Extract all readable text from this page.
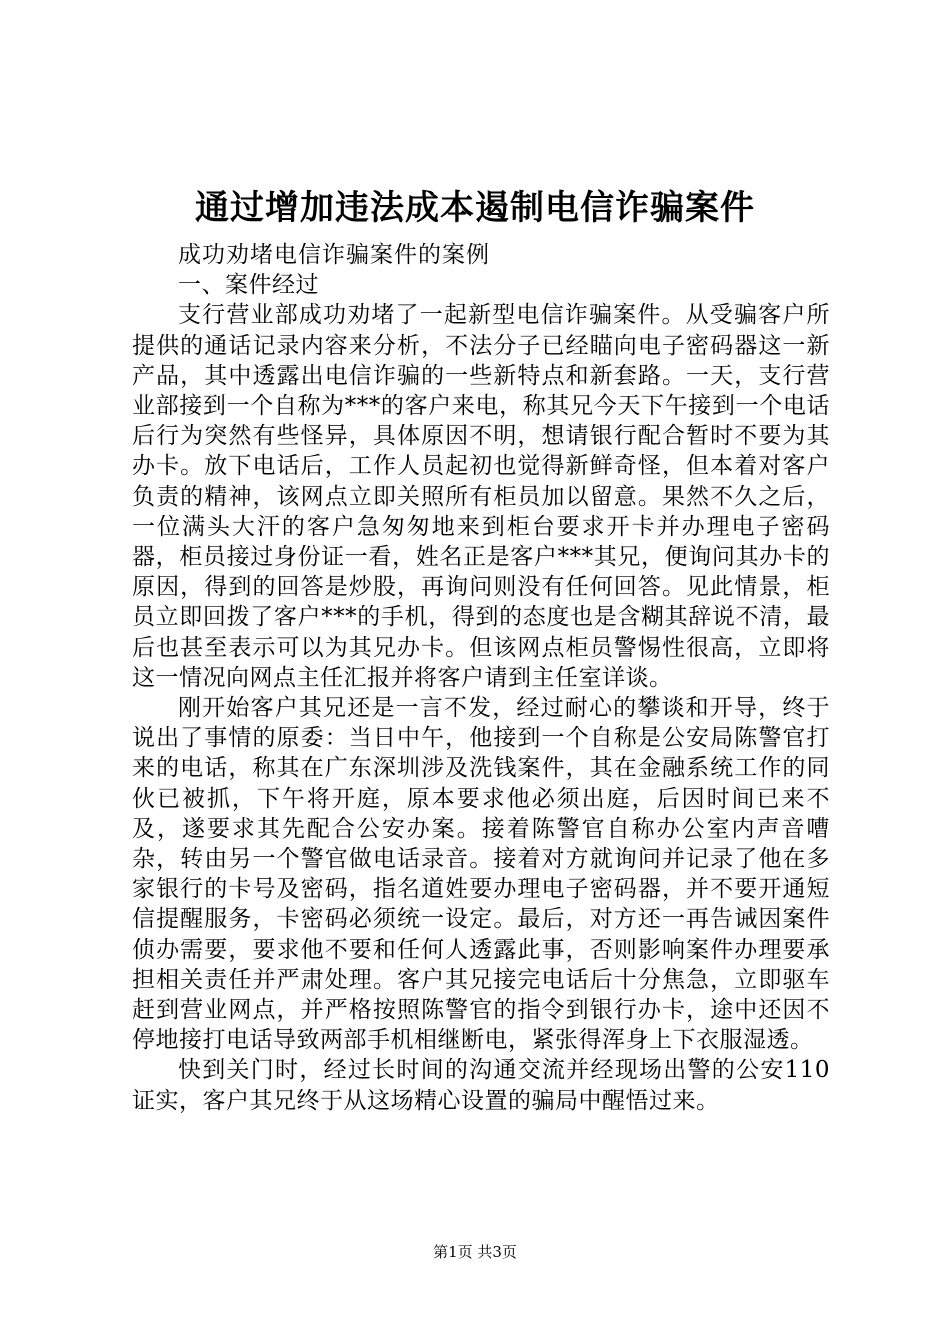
通过增加违法成本遏制电信诈骗案件

成功劝堵电信诈骗案件的案例

一、案件经过

支行营业部成功劝堵了一起新型电信诈骗案件。从受骗客户所提供的通话记录内容来分析，不法分子已经瞄向电子密码器这一新产品，其中透露出电信诈骗的一些新特点和新套路。一天，支行营业部接到一个自称为***的客户来电，称其兄今天下午接到一个电话后行为突然有些怪异，具体原因不明，想请银行配合暂时不要为其办卡。放下电话后，工作人员起初也觉得新鲜奇怪，但本着对客户负责的精神，该网点立即关照所有柜员加以留意。果然不久之后，一位满头大汗的客户急匆匆地来到柜台要求开卡并办理电子密码器，柜员接过身份证一看，姓名正是客户***其兄，便询问其办卡的原因，得到的回答是炒股，再询问则没有任何回答。见此情景，柜员立即回拨了客户***的手机，得到的态度也是含糊其辞说不清，最后也甚至表示可以为其兄办卡。但该网点柜员警惕性很高，立即将这一情况向网点主任汇报并将客户请到主任室详谈。

刚开始客户其兄还是一言不发，经过耐心的攀谈和开导，终于说出了事情的原委：当日中午，他接到一个自称是公安局陈警官打来的电话，称其在广东深圳涉及洗钱案件，其在金融系统工作的同伙已被抓，下午将开庭，原本要求他必须出庭，后因时间已来不及，遂要求其先配合公安办案。接着陈警官自称办公室内声音嘈杂，转由另一个警官做电话录音。接着对方就询问并记录了他在多家银行的卡号及密码，指名道姓要办理电子密码器，并不要开通短信提醒服务，卡密码必须统一设定。最后，对方还一再告诫因案件侦办需要，要求他不要和任何人透露此事，否则影响案件办理要承担相关责任并严肃处理。客户其兄接完电话后十分焦急，立即驱车赶到营业网点，并严格按照陈警官的指令到银行办卡，途中还因不停地接打电话导致两部手机相继断电，紧张得浑身上下衣服湿透。

快到关门时，经过长时间的沟通交流并经现场出警的公安110证实，客户其兄终于从这场精心设置的骗局中醒悟过来。

第1页 共3页
